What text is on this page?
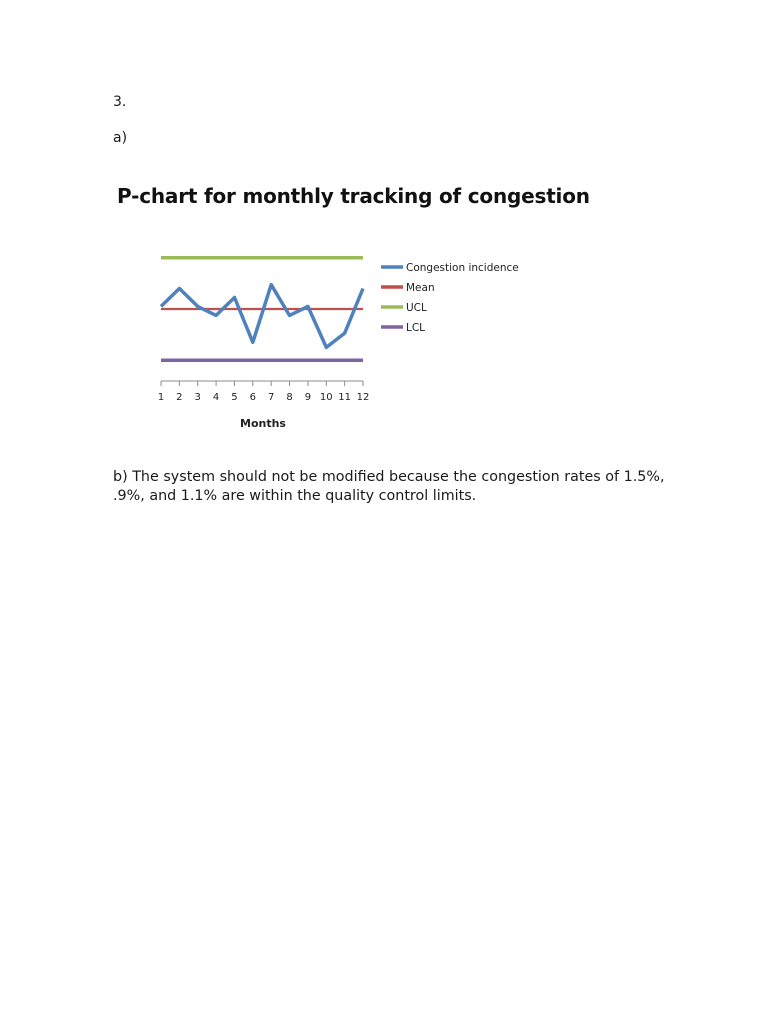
3.
a)
P-chart for monthly tracking of congestion
1 2 3 4 5 6 7 8 9 10 11 12
Congestion incidence
Mean
UCL
LCL
Months
b) The system should not be modified because the congestion rates of 1.5%, .9%, and 1.1% are within the quality control limits.
